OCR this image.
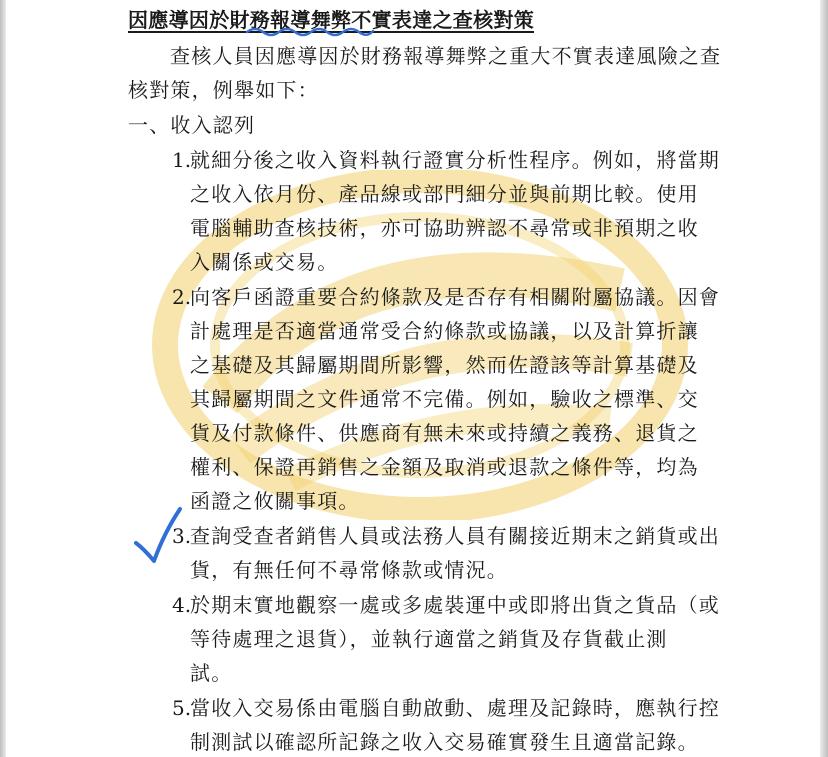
因應導因於財務報導舞弊不實表達之查核對策
查核人員因應導因於財務報導舞弊之重大不實表達風險之查
核對策，例舉如下：
一、收入認列
1.
就細分後之收入資料執行證實分析性程序。例如，將當期
之收入依月份、產品線或部門細分並與前期比較。使用
電腦輔助查核技術，亦可協助辨認不尋常或非預期之收
入關係或交易。
2.
向客戶函證重要合約條款及是否存有相關附屬協議。因會
計處理是否適當通常受合約條款或協議，以及計算折讓
之基礎及其歸屬期間所影響，然而佐證該等計算基礎及
其歸屬期間之文件通常不完備。例如，驗收之標準、交
貨及付款條件、供應商有無未來或持續之義務、退貨之
權利、保證再銷售之金額及取消或退款之條件等，均為
函證之攸關事項。
3.
查詢受查者銷售人員或法務人員有關接近期末之銷貨或出
貨，有無任何不尋常條款或情況。
4.
於期末實地觀察一處或多處裝運中或即將出貨之貨品（或
等待處理之退貨），並執行適當之銷貨及存貨截止測
試。
5.
當收入交易係由電腦自動啟動、處理及記錄時，應執行控
制測試以確認所記錄之收入交易確實發生且適當記錄。
